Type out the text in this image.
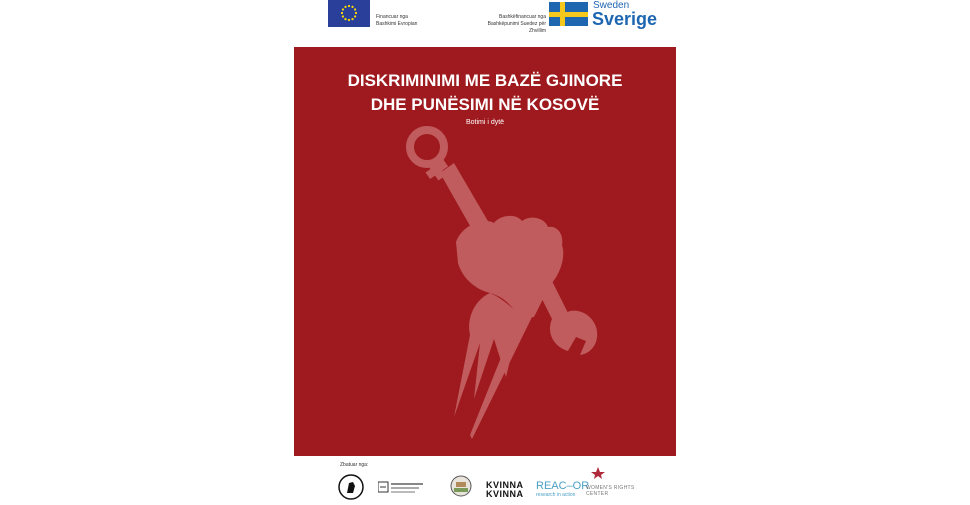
Financuar nga
Bashkimi Evropian
Bashkëfinancuar nga
Bashkëpunimi Suedez për Zhvillim
Sweden
Sverige
DISKRIMINIMI ME BAZË GJINORE
DHE PUNËSIMI NË KOSOVË
Botimi i dytë
Zbatuar nga:
KVINNA
KVINNA
REAC–OR
research in action
WOMEN'S RIGHTS
CENTER
